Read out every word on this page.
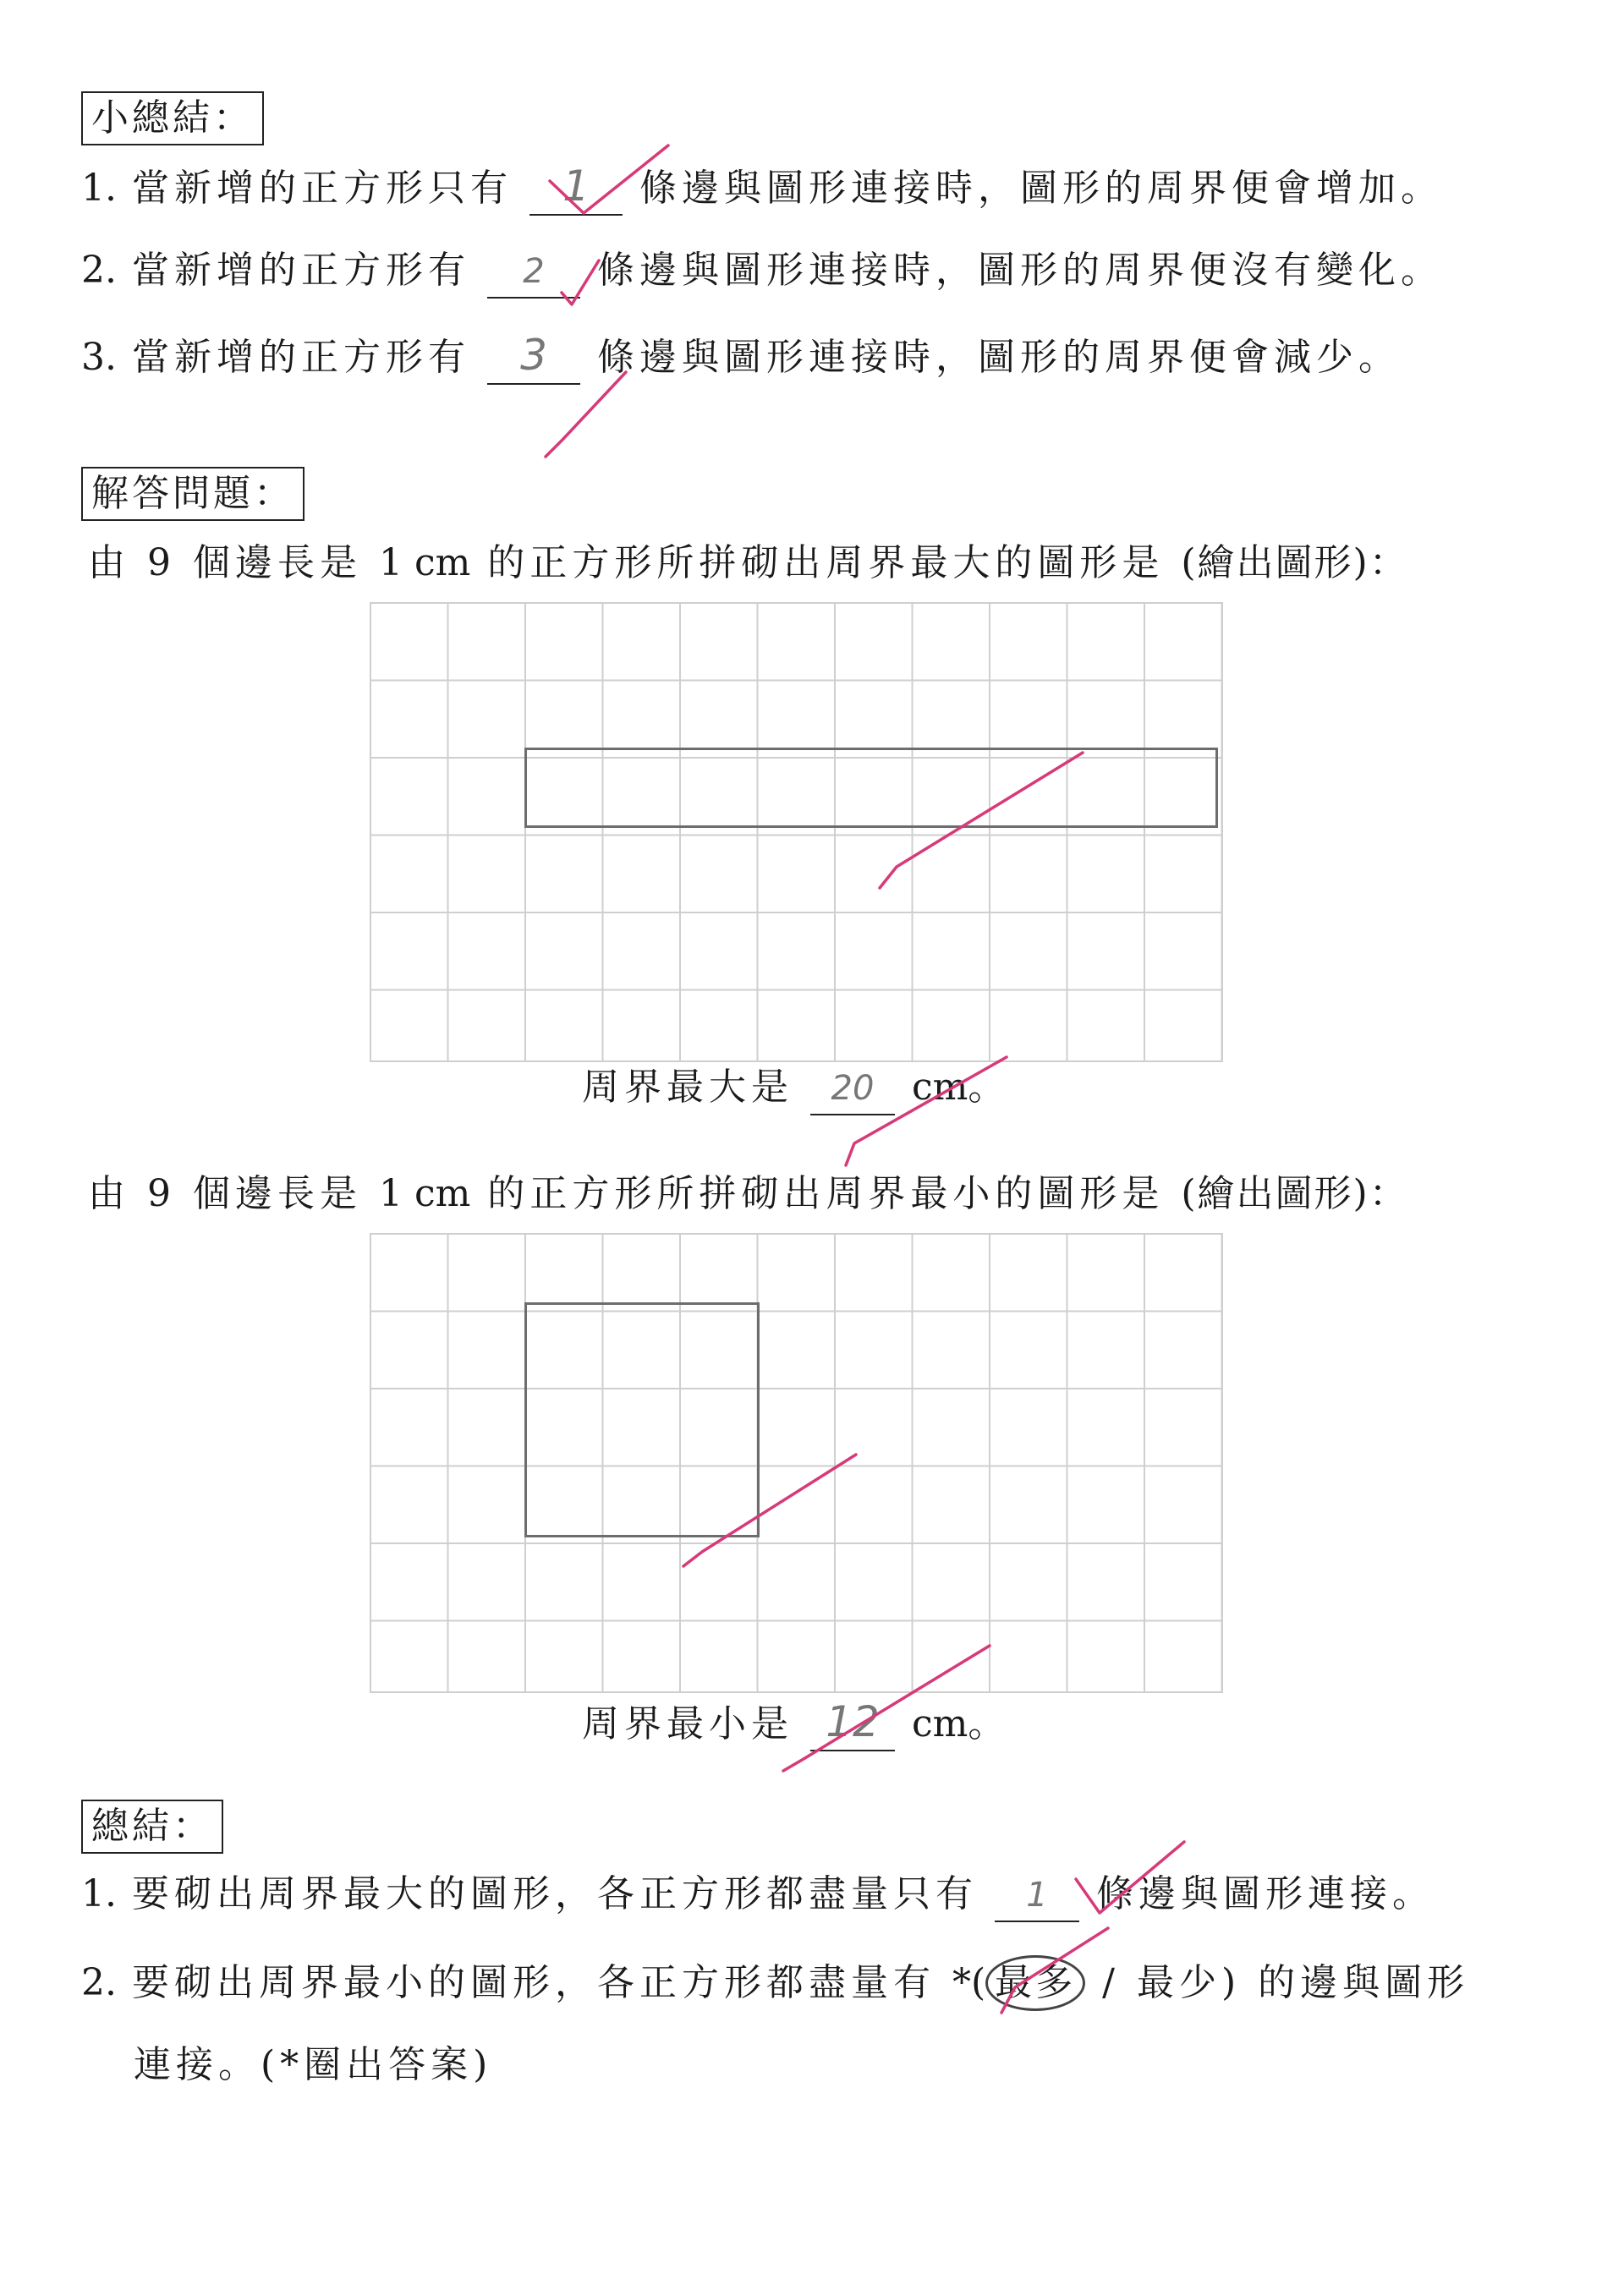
小總結：
1. 當新增的正方形只有 1 條邊與圖形連接時，圖形的周界便會增加。
2. 當新增的正方形有 2 條邊與圖形連接時，圖形的周界便沒有變化。
3. 當新增的正方形有 3 條邊與圖形連接時，圖形的周界便會減少。
解答問題：
由 9 個邊長是 1 cm 的正方形所拼砌出周界最大的圖形是 (繪出圖形)：
周界最大是 20 cm。
由 9 個邊長是 1 cm 的正方形所拼砌出周界最小的圖形是 (繪出圖形)：
周界最小是 12 cm。
總結：
1. 要砌出周界最大的圖形，各正方形都盡量只有 1 條邊與圖形連接。
2. 要砌出周界最小的圖形，各正方形都盡量有 *( 最多 / 最少) 的邊與圖形
連接。(*圈出答案)
